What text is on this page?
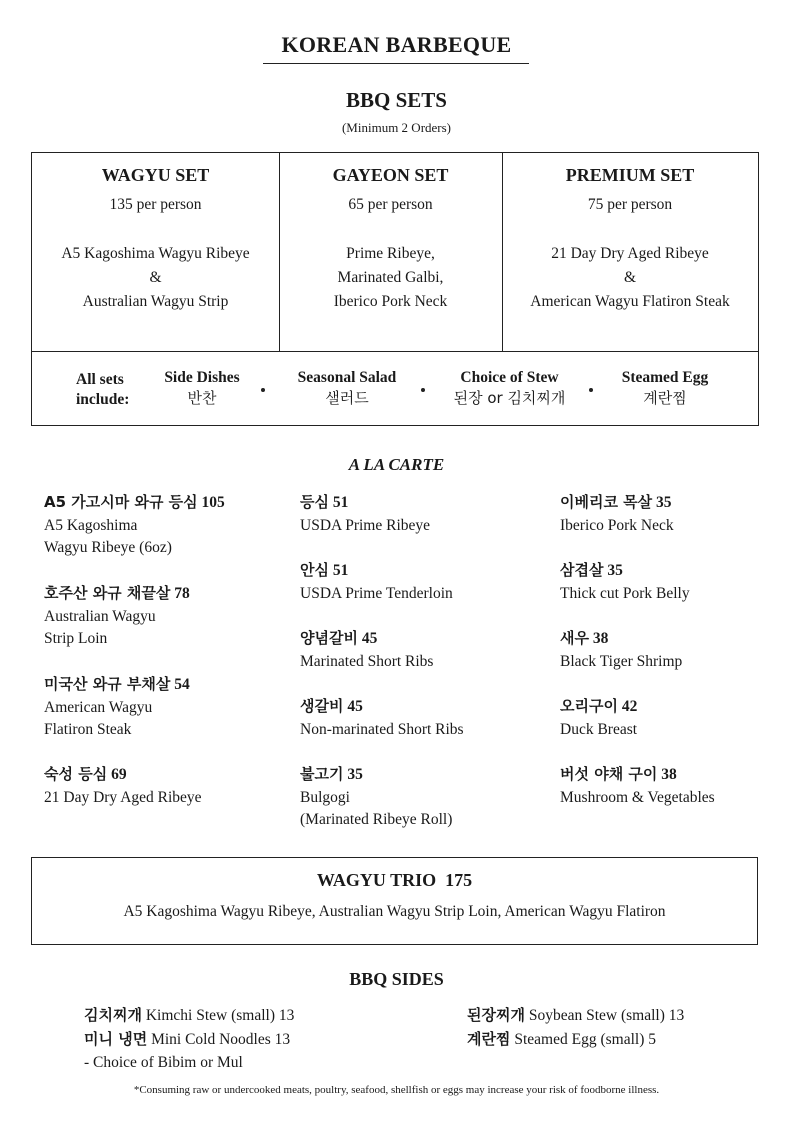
KOREAN BARBEQUE
BBQ SETS
(Minimum 2 Orders)
WAGYU SET
135 per person
A5 Kagoshima Wagyu Ribeye
&
Australian Wagyu Strip
GAYEON SET
65 per person
Prime Ribeye,
Marinated Galbi,
Iberico Pork Neck
PREMIUM SET
75 per person
21 Day Dry Aged Ribeye
&
American Wagyu Flatiron Steak
All sets
include:
Side Dishes
반찬
Seasonal Salad
샐러드
Choice of Stew
된장 or 김치찌개
Steamed Egg
계란찜
A LA CARTE
A5 가고시마 와규 등심 105
A5 Kagoshima
Wagyu Ribeye (6oz)
호주산 와규 채끝살 78
Australian Wagyu
Strip Loin
미국산 와규 부채살 54
American Wagyu
Flatiron Steak
숙성 등심 69
21 Day Dry Aged Ribeye
등심 51
USDA Prime Ribeye
안심 51
USDA Prime Tenderloin
양념갈비 45
Marinated Short Ribs
생갈비 45
Non-marinated Short Ribs
불고기 35
Bulgogi
(Marinated Ribeye Roll)
이베리코 목살 35
Iberico Pork Neck
삼겹살 35
Thick cut Pork Belly
새우 38
Black Tiger Shrimp
오리구이 42
Duck Breast
버섯 야채 구이 38
Mushroom & Vegetables
WAGYU TRIO 175
A5 Kagoshima Wagyu Ribeye, Australian Wagyu Strip Loin, American Wagyu Flatiron
BBQ SIDES
김치찌개 Kimchi Stew (small) 13
미니 냉면 Mini Cold Noodles 13
- Choice of Bibim or Mul
된장찌개 Soybean Stew (small) 13
계란찜 Steamed Egg (small) 5
*Consuming raw or undercooked meats, poultry, seafood, shellfish or eggs may increase your risk of foodborne illness.
